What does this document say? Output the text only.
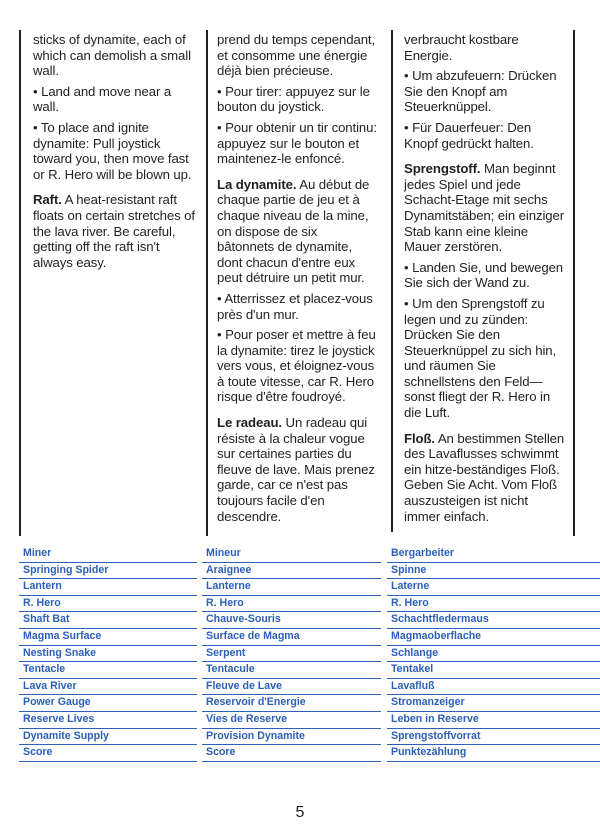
sticks of dynamite, each of which can demolish a small wall.

• Land and move near a wall.

• To place and ignite dynamite: Pull joystick toward you, then move fast or R. Hero will be blown up.

Raft. A heat-resistant raft floats on certain stretches of the lava river. Be careful, getting off the raft isn't always easy.

prend du temps cependant, et consomme une énergie déjà bien précieuse.

• Pour tirer: appuyez sur le bouton du joystick.

• Pour obtenir un tir continu: appuyez sur le bouton et maintenez-le enfoncé.

La dynamite. Au début de chaque partie de jeu et à chaque niveau de la mine, on dispose de six bâtonnets de dynamite, dont chacun d'entre eux peut détruire un petit mur.

• Atterrissez et placez-vous près d'un mur.

• Pour poser et mettre à feu la dynamite: tirez le joystick vers vous, et éloignez-vous à toute vitesse, car R. Hero risque d'être foudroyé.

Le radeau. Un radeau qui résiste à la chaleur vogue sur certaines parties du fleuve de lave. Mais prenez garde, car ce n'est pas toujours facile d'en descendre.

verbraucht kostbare Energie.

• Um abzufeuern: Drücken Sie den Knopf am Steuerknüppel.

• Für Dauerfeuer: Den Knopf gedrückt halten.

Sprengstoff. Man beginnt jedes Spiel und jede Schacht-Etage mit sechs Dynamitstäben; ein einziger Stab kann eine kleine Mauer zerstören.

• Landen Sie, und bewegen Sie sich der Wand zu.

• Um den Sprengstoff zu legen und zu zünden: Drücken Sie den Steuerknüppel zu sich hin, und räumen Sie schnellstens den Feld—sonst fliegt der R. Hero in die Luft.

Floß. An bestimmen Stellen des Lavaflusses schwimmt ein hitze-beständiges Floß. Geben Sie Acht. Vom Floß auszusteigen ist nicht immer einfach.

Miner	Mineur	Bergarbeiter
Springing Spider	Araignee	Spinne
Lantern	Lanterne	Laterne
R. Hero	R. Hero	R. Hero
Shaft Bat	Chauve-Souris	Schachtfledermaus
Magma Surface	Surface de Magma	Magmaoberflache
Nesting Snake	Serpent	Schlange
Tentacle	Tentacule	Tentakel
Lava River	Fleuve de Lave	Lavafluß
Power Gauge	Reservoir d'Energie	Stromanzeiger
Reserve Lives	Vies de Reserve	Leben in Reserve
Dynamite Supply	Provision Dynamite	Sprengstoffvorrat
Score	Score	Punktezählung
5
